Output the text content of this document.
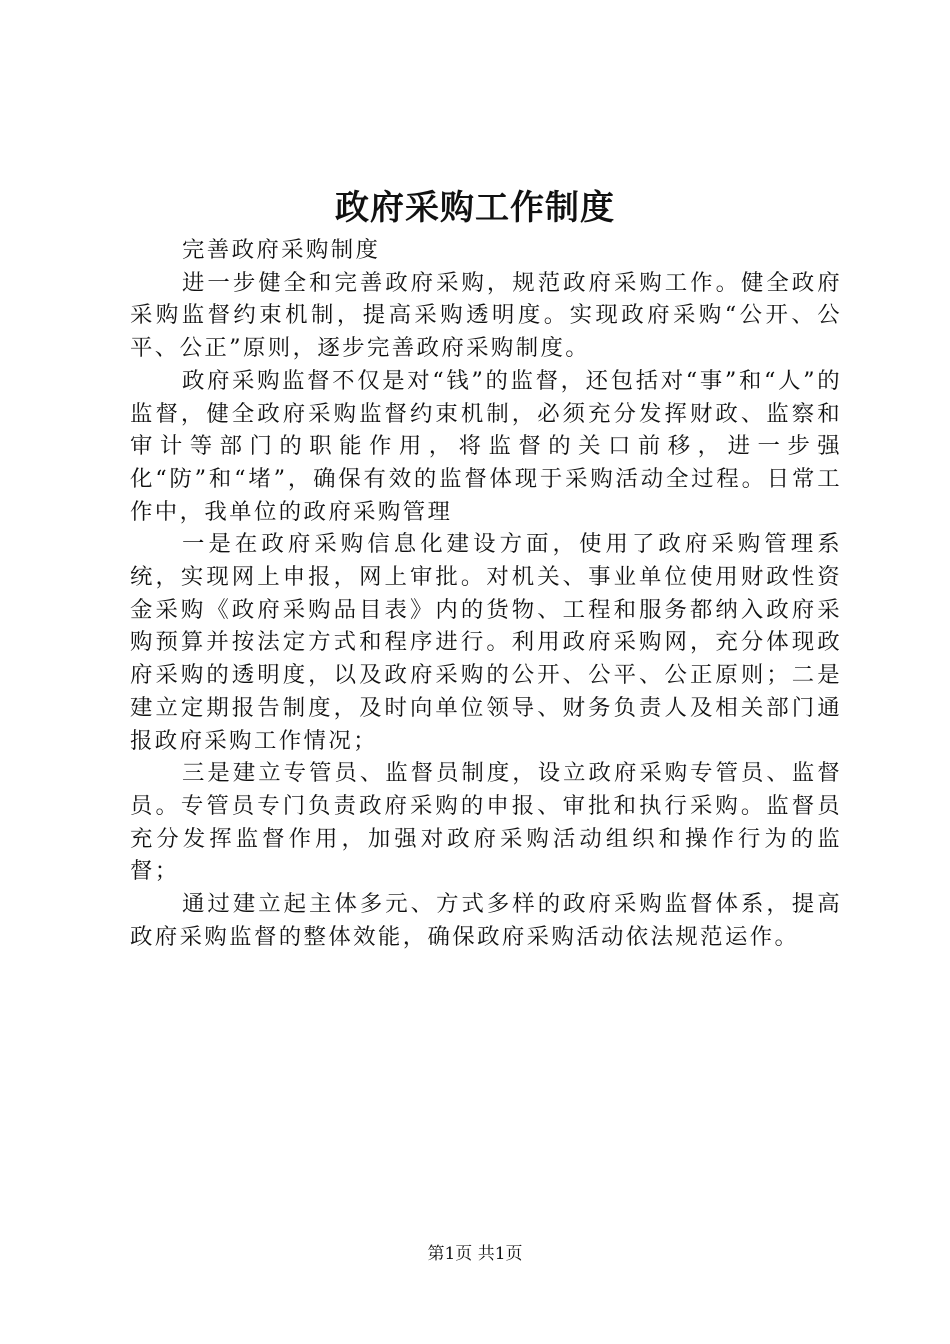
政府采购工作制度

完善政府采购制度

进一步健全和完善政府采购，规范政府采购工作。健全政府采购监督约束机制，提高采购透明度。实现政府采购“公开、公平、公正”原则，逐步完善政府采购制度。

政府采购监督不仅是对“钱”的监督，还包括对“事”和“人”的监督，健全政府采购监督约束机制，必须充分发挥财政、监察和审计等部门的职能作用，将监督的关口前移，进一步强化“防”和“堵”，确保有效的监督体现于采购活动全过程。日常工作中，我单位的政府采购管理

一是在政府采购信息化建设方面，使用了政府采购管理系统，实现网上申报，网上审批。对机关、事业单位使用财政性资金采购《政府采购品目表》内的货物、工程和服务都纳入政府采购预算并按法定方式和程序进行。利用政府采购网，充分体现政府采购的透明度，以及政府采购的公开、公平、公正原则；二是建立定期报告制度，及时向单位领导、财务负责人及相关部门通报政府采购工作情况；

三是建立专管员、监督员制度，设立政府采购专管员、监督员。专管员专门负责政府采购的申报、审批和执行采购。监督员充分发挥监督作用，加强对政府采购活动组织和操作行为的监督；

通过建立起主体多元、方式多样的政府采购监督体系，提高政府采购监督的整体效能，确保政府采购活动依法规范运作。

第1页 共1页
